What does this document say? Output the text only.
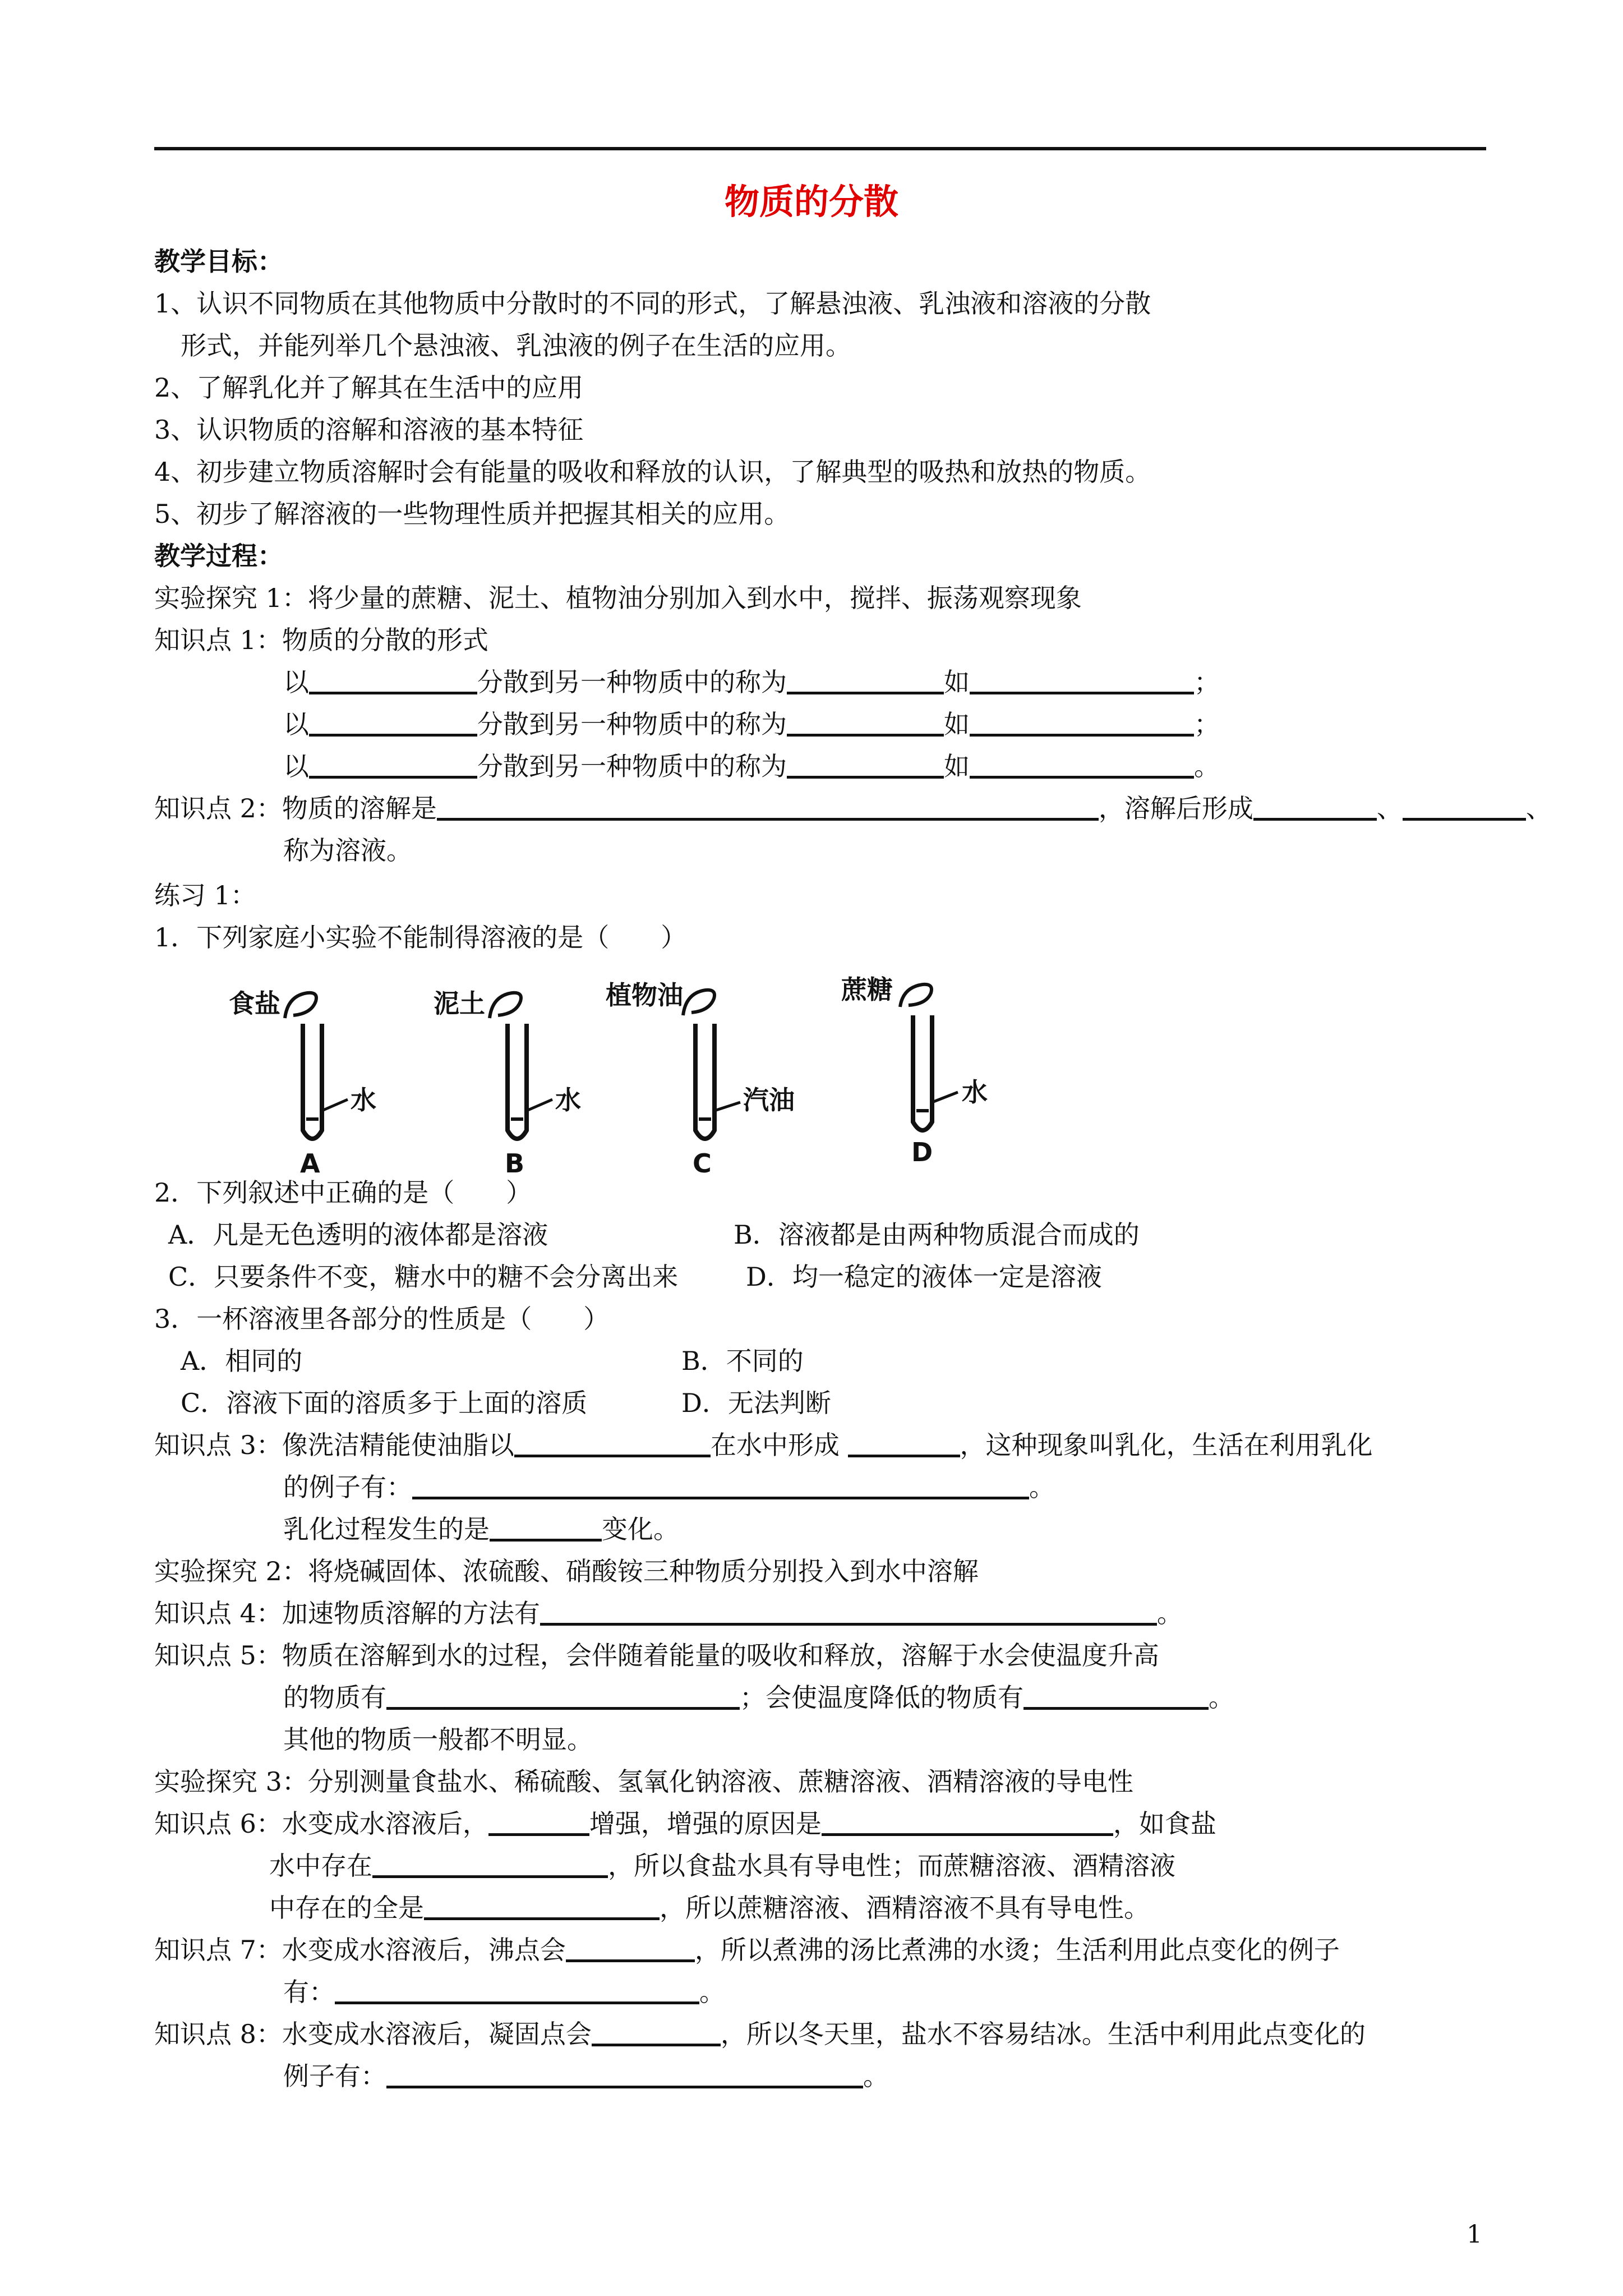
物质的分散
教学目标：
1、认识不同物质在其他物质中分散时的不同的形式，了解悬浊液、乳浊液和溶液的分散
形式，并能列举几个悬浊液、乳浊液的例子在生活的应用。
2、了解乳化并了解其在生活中的应用
3、认识物质的溶解和溶液的基本特征
4、初步建立物质溶解时会有能量的吸收和释放的认识，了解典型的吸热和放热的物质。
5、初步了解溶液的一些物理性质并把握其相关的应用。
教学过程：
实验探究 1：将少量的蔗糖、泥土、植物油分别加入到水中，搅拌、振荡观察现象
知识点 1：物质的分散的形式
以	分散到另一种物质中的称为	如	；
以	分散到另一种物质中的称为	如	；
以	分散到另一种物质中的称为	如	。
知识点 2：物质的溶解是	，溶解后形成	、	、
称为溶液。
练习 1：
1．下列家庭小实验不能制得溶液的是（　　）
食盐
水
A
泥土
水
B
植物油
汽油
C
蔗糖
水
D
2．下列叙述中正确的是（　　）
A．凡是无色透明的液体都是溶液	B．溶液都是由两种物质混合而成的
C．只要条件不变，糖水中的糖不会分离出来	D．均一稳定的液体一定是溶液
3．一杯溶液里各部分的性质是（　　）
A．相同的	B．不同的
C．溶液下面的溶质多于上面的溶质	D．无法判断
知识点 3：像洗洁精能使油脂以	在水中形成	，这种现象叫乳化，生活在利用乳化
的例子有：	。
乳化过程发生的是	变化。
实验探究 2：将烧碱固体、浓硫酸、硝酸铵三种物质分别投入到水中溶解
知识点 4：加速物质溶解的方法有	。
知识点 5：物质在溶解到水的过程，会伴随着能量的吸收和释放，溶解于水会使温度升高
的物质有	；会使温度降低的物质有	。
其他的物质一般都不明显。
实验探究 3：分别测量食盐水、稀硫酸、氢氧化钠溶液、蔗糖溶液、酒精溶液的导电性
知识点 6：水变成水溶液后，	增强，增强的原因是	，如食盐
水中存在	，所以食盐水具有导电性；而蔗糖溶液、酒精溶液
中存在的全是	，所以蔗糖溶液、酒精溶液不具有导电性。
知识点 7：水变成水溶液后，沸点会	，所以煮沸的汤比煮沸的水烫；生活利用此点变化的例子
有：	。
知识点 8：水变成水溶液后，凝固点会	，所以冬天里，盐水不容易结冰。生活中利用此点变化的
例子有：	。
1
